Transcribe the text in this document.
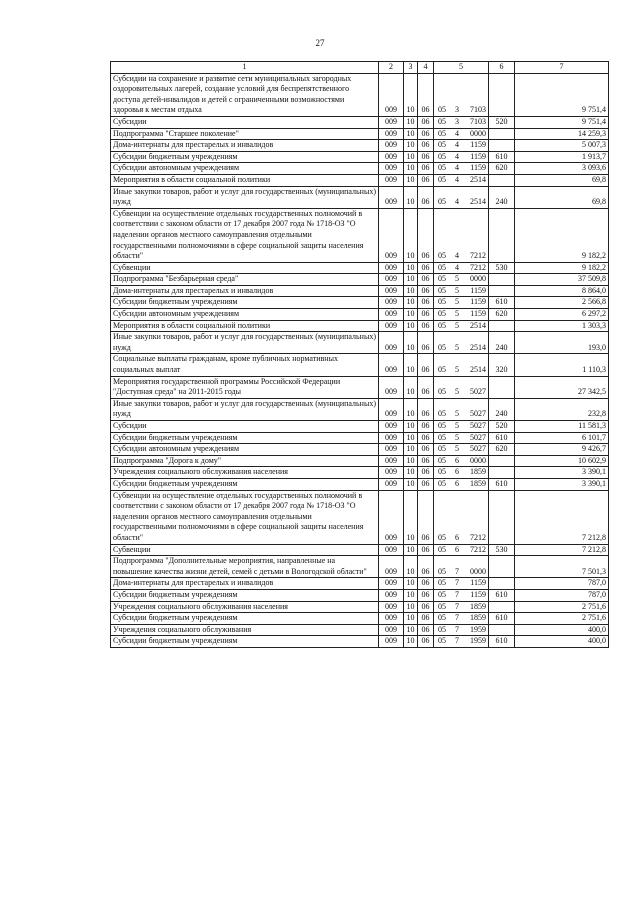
27
1	2	3	4	5	6	7
Субсидии на сохранение и развитие сети муниципальных загородных оздоровительных лагерей, создание условий для беспрепятственного доступа детей-инвалидов и детей с ограниченными возможностями здоровья к местам отдыха	009	10	06	05 3 7103		9 751,4
Субсидии	009	10	06	05 3 7103	520	9 751,4
Подпрограмма "Старшее поколение"	009	10	06	05 4 0000		14 259,3
Дома-интернаты для престарелых и инвалидов	009	10	06	05 4 1159		5 007,3
Субсидии бюджетным учреждениям	009	10	06	05 4 1159	610	1 913,7
Субсидии автономным учреждениям	009	10	06	05 4 1159	620	3 093,6
Мероприятия в области социальной политики	009	10	06	05 4 2514		69,8
Иные закупки товаров, работ и услуг для государственных (муниципальных) нужд	009	10	06	05 4 2514	240	69,8
Субвенции на осуществление отдельных государственных полномочий в соответствии с законом области от 17 декабря 2007 года № 1718-ОЗ "О наделении органов местного самоуправления отдельными государственными полномочиями в сфере социальной защиты населения области"	009	10	06	05 4 7212		9 182,2
Субвенции	009	10	06	05 4 7212	530	9 182,2
Подпрограмма "Безбарьерная среда"	009	10	06	05 5 0000		37 509,8
Дома-интернаты для престарелых и инвалидов	009	10	06	05 5 1159		8 864,0
Субсидии бюджетным учреждениям	009	10	06	05 5 1159	610	2 566,8
Субсидии автономным учреждениям	009	10	06	05 5 1159	620	6 297,2
Мероприятия в области социальной политики	009	10	06	05 5 2514		1 303,3
Иные закупки товаров, работ и услуг для государственных (муниципальных) нужд	009	10	06	05 5 2514	240	193,0
Социальные выплаты гражданам, кроме публичных нормативных социальных выплат	009	10	06	05 5 2514	320	1 110,3
Мероприятия государственной программы Российской Федерации "Доступная среда" на 2011-2015 годы	009	10	06	05 5 5027		27 342,5
Иные закупки товаров, работ и услуг для государственных (муниципальных) нужд	009	10	06	05 5 5027	240	232,8
Субсидии	009	10	06	05 5 5027	520	11 581,3
Субсидии бюджетным учреждениям	009	10	06	05 5 5027	610	6 101,7
Субсидии автономным учреждениям	009	10	06	05 5 5027	620	9 426,7
Подпрограмма "Дорога к дому"	009	10	06	05 6 0000		10 602,9
Учреждения социального обслуживания населения	009	10	06	05 6 1859		3 390,1
Субсидии бюджетным учреждениям	009	10	06	05 6 1859	610	3 390,1
Субвенции на осуществление отдельных государственных полномочий в соответствии с законом области от 17 декабря 2007 года № 1718-ОЗ "О наделении органов местного самоуправления отдельными государственными полномочиями в сфере социальной защиты населения области"	009	10	06	05 6 7212		7 212,8
Субвенции	009	10	06	05 6 7212	530	7 212,8
Подпрограмма "Дополнительные мероприятия, направленные на повышение качества жизни детей, семей с детьми в Вологодской области"	009	10	06	05 7 0000		7 501,3
Дома-интернаты для престарелых и инвалидов	009	10	06	05 7 1159		787,0
Субсидии бюджетным учреждениям	009	10	06	05 7 1159	610	787,0
Учреждения социального обслуживания населения	009	10	06	05 7 1859		2 751,6
Субсидии бюджетным учреждениям	009	10	06	05 7 1859	610	2 751,6
Учреждения социального обслуживания	009	10	06	05 7 1959		400,0
Субсидии бюджетным учреждениям	009	10	06	05 7 1959	610	400,0
